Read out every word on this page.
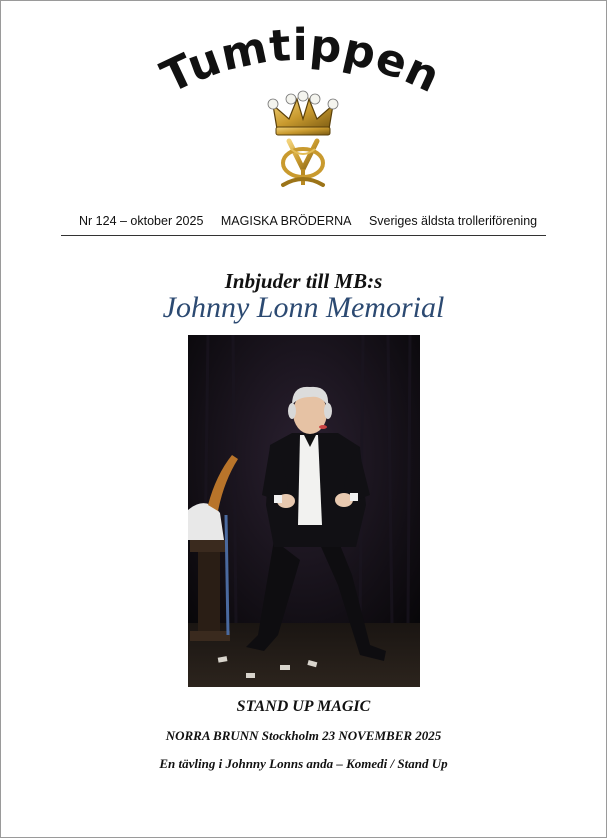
Tumtippen
Nr 124 – oktober 2025 MAGISKA BRÖDERNA Sveriges äldsta trolleriförening
Inbjuder till MB:s
Johnny Lonn Memorial
STAND UP MAGIC
NORRA BRUNN Stockholm 23 NOVEMBER 2025
En tävling i Johnny Lonns anda – Komedi / Stand Up
